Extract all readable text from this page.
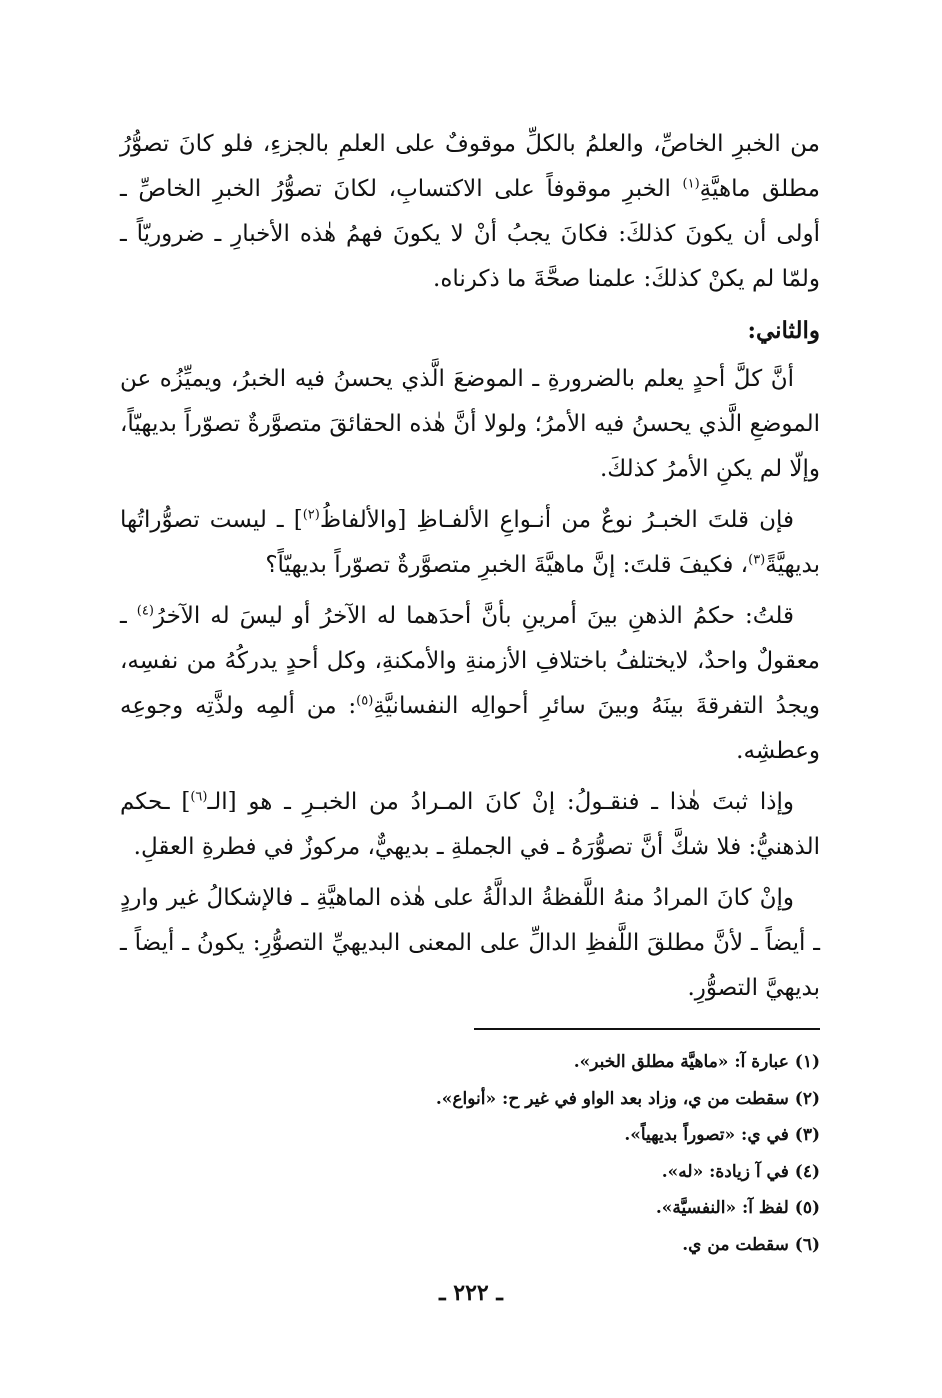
من الخبرِ الخاصِّ، والعلمُ بالكلِّ موقوفٌ على العلمِ بالجزءِ، فلو كانَ تصوُّرُ مطلق ماهيَّةِ$^{(١)}$ الخبرِ موقوفاً على الاكتسابِ، لكانَ تصوُّرُ الخبرِ الخاصِّ ـ أولى أن يكونَ كذلكَ: فكانَ يجبُ أنْ لا يكونَ فهمُ هٰذه الأخبارِ ـ ضروريّاً ـ ولمّا لم يكنْ كذلكَ: علمنا صحَّةَ ما ذكرناه.

والثاني:

أنَّ كلَّ أحدٍ يعلم بالضرورةِ ـ الموضعَ الَّذي يحسنُ فيه الخبرُ، ويميِّزُه عن الموضعِ الَّذي يحسنُ فيه الأمرُ؛ ولولا أنَّ هٰذه الحقائقَ متصوَّرةٌ تصوّراً بديهيّاً، وإلّا لم يكنِ الأمرُ كذلكَ.

فإن قلتَ الخبـرُ نوعٌ من أنـواعِ الألفـاظِ [والألفاظُ$^{(٢)}$] ـ ليست تصوُّراتُها بديهيَّةً$^{(٣)}$، فكيفَ قلتَ: إنَّ ماهيَّةَ الخبرِ متصوَّرةٌ تصوّراً بديهيّاً؟

قلتُ: حكمُ الذهنِ بينَ أمرينِ بأنَّ أحدَهما له الآخرُ أو ليسَ له الآخرُ$^{(٤)}$ ـ معقولٌ واحدٌ، لايختلفُ باختلافِ الأزمنةِ والأمكنةِ، وكل أحدٍ يدركُهُ من نفسِه، ويجدُ التفرقةَ بينَهُ وبينَ سائرِ أحوالِه النفسانيَّةِ$^{(٥)}$: من ألمِه ولذَّتِه وجوعِه وعطشِه.

وإذا ثبتَ هٰذا ـ فنقـولُ: إنْ كانَ المـرادُ من الخبـرِ ـ هو [الـ$^{(٦)}$] ـحكم الذهنيُّ: فلا شكَّ أنَّ تصوُّرَهُ ـ في الجملةِ ـ بديهيٌّ، مركوزٌ في فطرةِ العقلِ.

وإنْ كانَ المرادُ منهُ اللَّفظةُ الدالَّةُ على هٰذه الماهيَّةِ ـ فالإشكالُ غير واردٍ ـ أيضاً ـ لأنَّ مطلقَ اللَّفظِ الدالِّ على المعنى البديهيِّ التصوُّرِ: يكونُ ـ أيضاً ـ بديهيَّ التصوُّرِ.

(١) عبارة آ: «ماهيَّة مطلق الخبر».
(٢) سقطت من ي، وزاد بعد الواو في غير ح: «أنواع».
(٣) في ي: «تصوراً بديهياً».
(٤) في آ زيادة: «له».
(٥) لفظ آ: «النفسيَّة».
(٦) سقطت من ي.
ـ ٢٢٢ ـ
